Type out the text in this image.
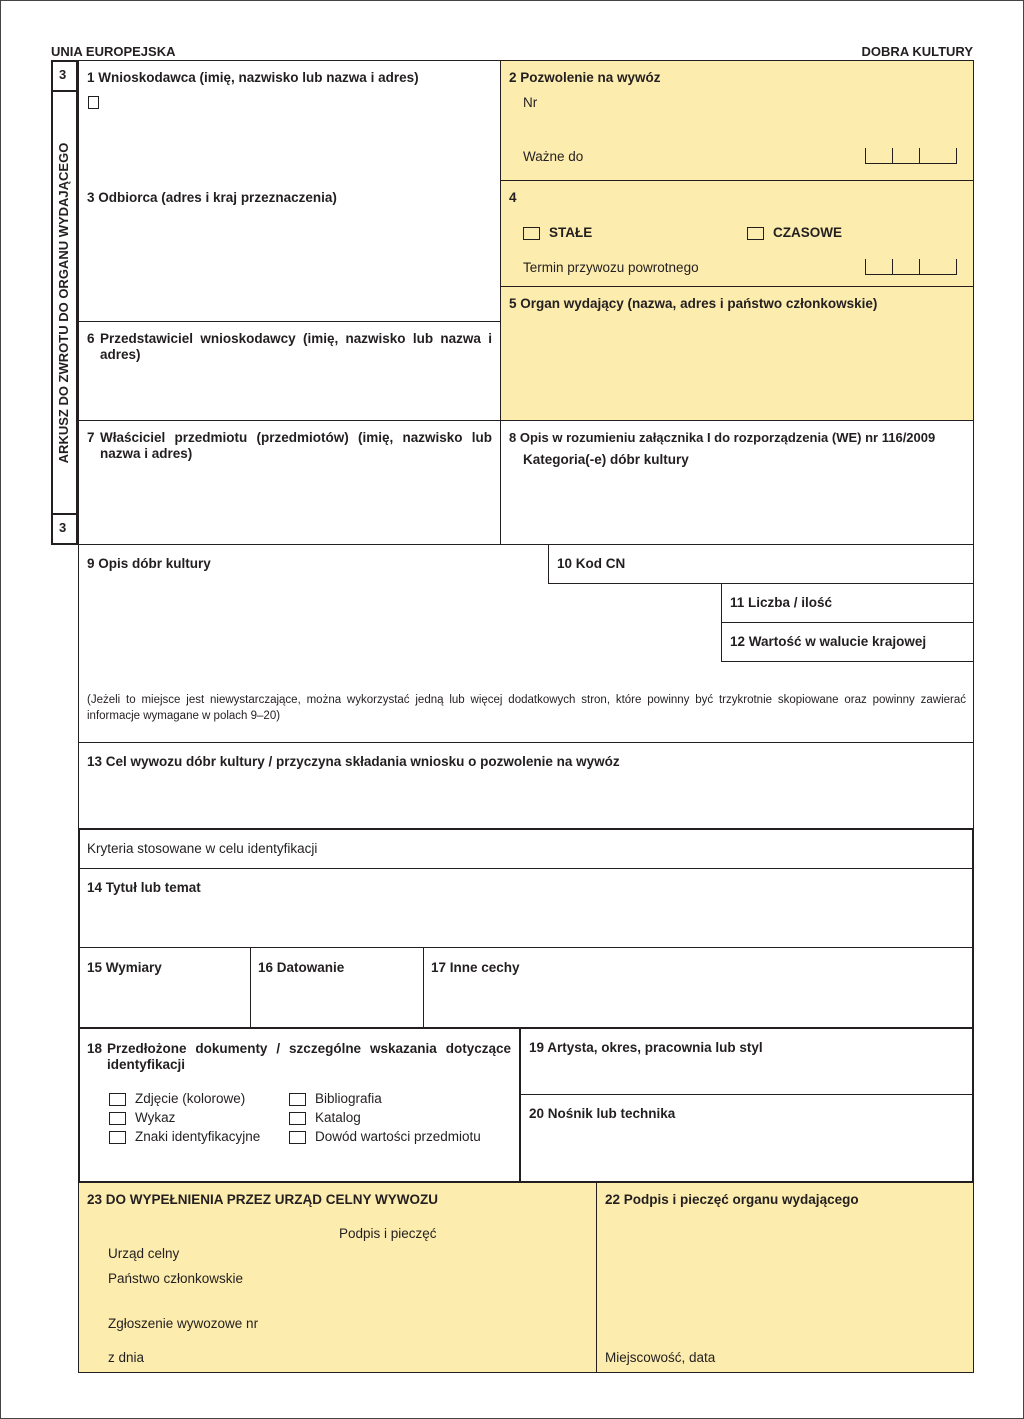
UNIA EUROPEJSKA	DOBRA KULTURY
3
3
ARKUSZ DO ZWROTU DO ORGANU WYDAJĄCEGO
1 Wnioskodawca (imię, nazwisko lub nazwa i adres)	2 Pozwolenie na wywóz
Nr
Ważne do
3 Odbiorca (adres i kraj przeznaczenia)	4
STAŁE	CZASOWE
Termin przywozu powrotnego
5 Organ wydający (nazwa, adres i państwo członkowskie)
6 Przedstawiciel wnioskodawcy (imię, nazwisko lub nazwa i adres)
7 Właściciel przedmiotu (przedmiotów) (imię, nazwisko lub nazwa i adres)
8 Opis w rozumieniu załącznika I do rozporządzenia (WE) nr 116/2009
Kategoria(-e) dóbr kultury
9 Opis dóbr kultury	10 Kod CN
11 Liczba / ilość
12 Wartość w walucie krajowej
(Jeżeli to miejsce jest niewystarczające, można wykorzystać jedną lub więcej dodatkowych stron, które powinny być trzykrotnie skopiowane oraz powinny zawierać informacje wymagane w polach 9–20)
13 Cel wywozu dóbr kultury / przyczyna składania wniosku o pozwolenie na wywóz
Kryteria stosowane w celu identyfikacji
14 Tytuł lub temat
15 Wymiary	16 Datowanie	17 Inne cechy
18 Przedłożone dokumenty / szczególne wskazania dotyczące identyfikacji
Zdjęcie (kolorowe)
Wykaz
Znaki identyfikacyjne
Bibliografia
Katalog
Dowód wartości przedmiotu
19 Artysta, okres, pracownia lub styl
20 Nośnik lub technika
23 DO WYPEŁNIENIA PRZEZ URZĄD CELNY WYWOZU
Podpis i pieczęć
Urząd celny
Państwo członkowskie
Zgłoszenie wywozowe nr
z dnia
22 Podpis i pieczęć organu wydającego
Miejscowość, data
